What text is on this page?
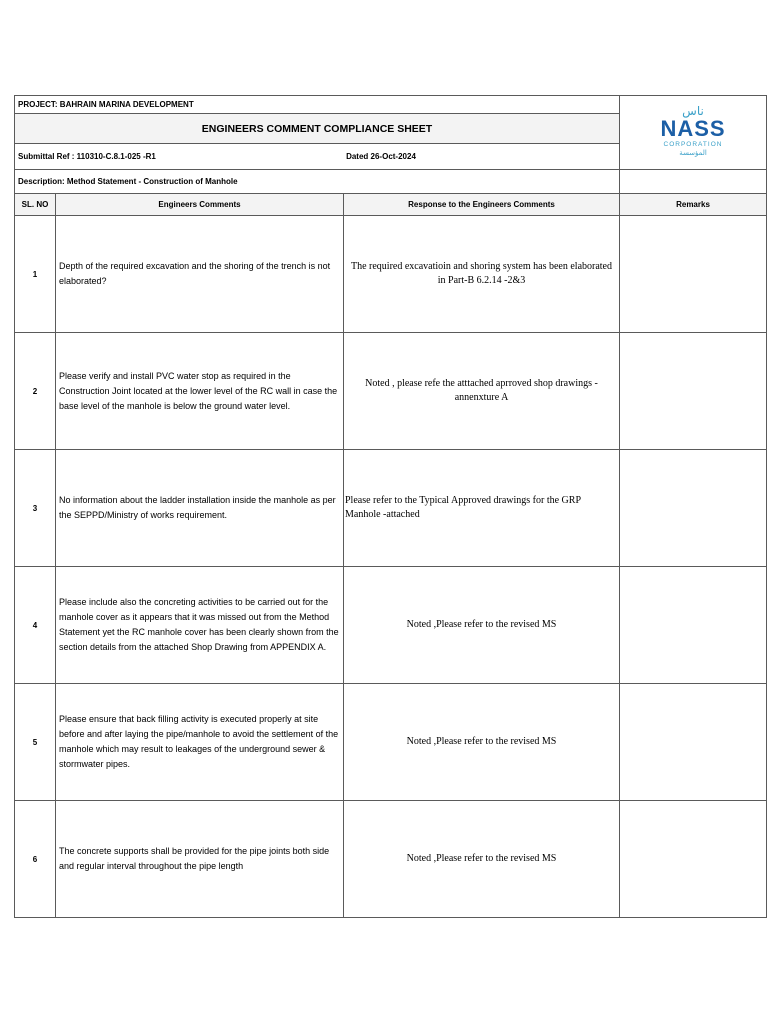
PROJECT: BAHRAIN MARINA DEVELOPMENT			ناس
NASS
CORPORATION
المؤسسة

ENGINEERS COMMENT COMPLIANCE SHEET			
Submittal Ref : 110310-C.8.1-025 -R1 Dated 26-Oct-2024			
Description: Method Statement - Construction of Manhole			
SL. NO	Engineers Comments	Response to the Engineers Comments	Remarks
1	Depth of the required excavation and the shoring of the trench is not elaborated?	The required excavatioin and shoring system has been elaborated in Part-B 6.2.14 -2&3	
2	Please verify and install PVC water stop as required in the Construction Joint located at the lower level of the RC wall in case the base level of the manhole is below the ground water level.	Noted , please refe the atttached aprroved shop drawings - annenxture A	
3	No information about the ladder installation inside the manhole as per the SEPPD/Ministry of works requirement.	Please refer to the Typical Approved drawings for the GRP Manhole -attached	
4	Please include also the concreting activities to be carried out for the manhole cover as it appears that it was missed out from the Method Statement yet the RC manhole cover has been clearly shown from the section details from the attached Shop Drawing from APPENDIX A.	Noted ,Please refer to the revised MS	
5	Please ensure that back filling activity is executed properly at site before and after laying the pipe/manhole to avoid the settlement of the manhole which may result to leakages of the underground sewer & stormwater pipes.	Noted ,Please refer to the revised MS	
6	The concrete supports shall be provided for the pipe joints both side and regular interval throughout the pipe length	Noted ,Please refer to the revised MS	
